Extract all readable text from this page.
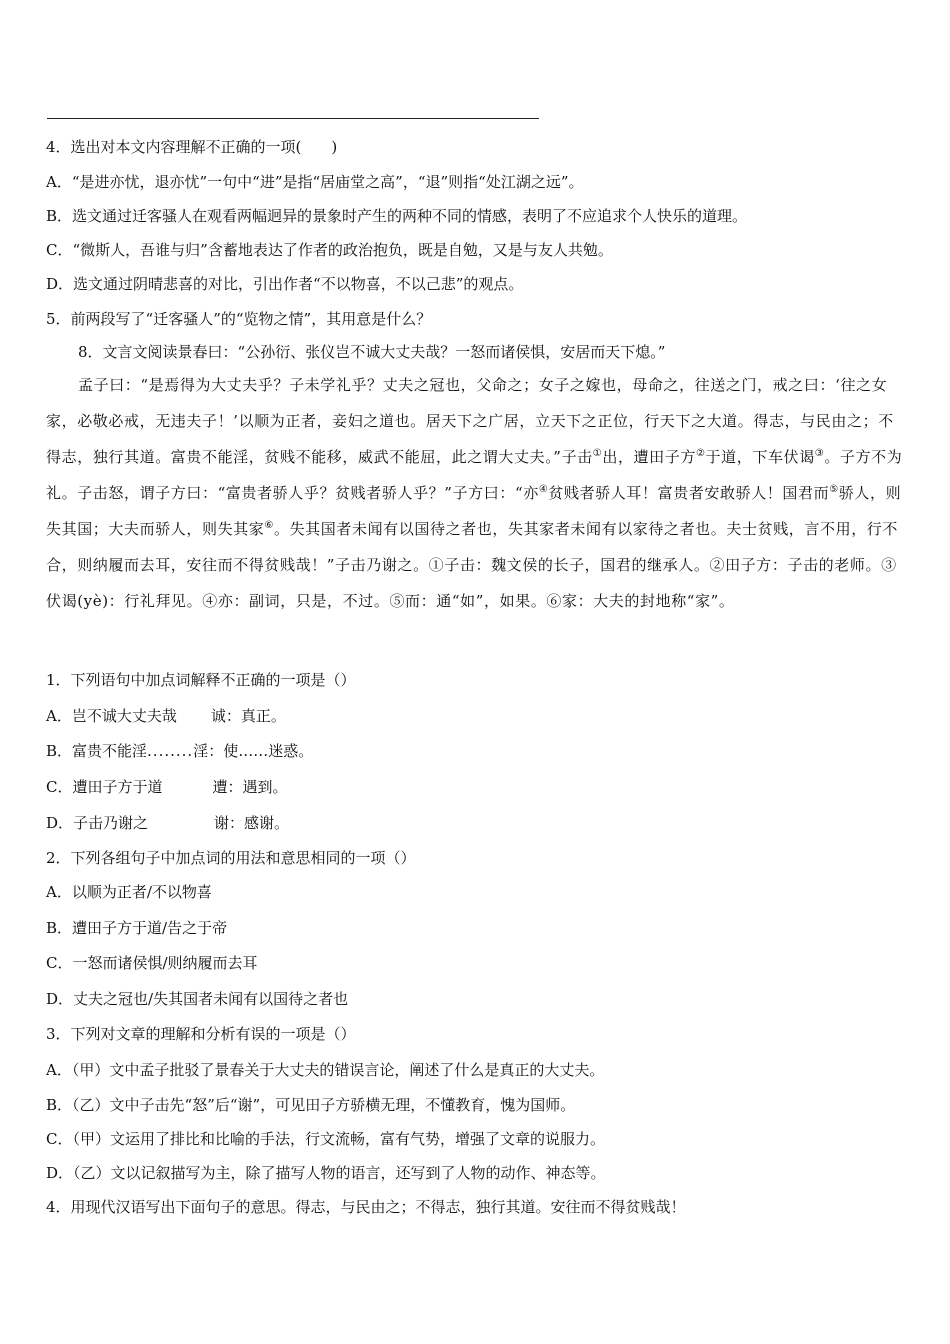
4．选出对本文内容理解不正确的一项(　　)
A．“是进亦忧，退亦忧”一句中“进”是指“居庙堂之高”，“退”则指“处江湖之远”。
B．选文通过迁客骚人在观看两幅迥异的景象时产生的两种不同的情感，表明了不应追求个人快乐的道理。
C．“微斯人，吾谁与归”含蓄地表达了作者的政治抱负，既是自勉，又是与友人共勉。
D．选文通过阴晴悲喜的对比，引出作者“不以物喜，不以己悲”的观点。
5．前两段写了“迁客骚人”的“览物之情”，其用意是什么？
8．文言文阅读景春曰：“公孙衍、张仪岂不诚大丈夫哉？一怒而诸侯惧，安居而天下熄。”
孟子曰：“是焉得为大丈夫乎？子未学礼乎？丈夫之冠也，父命之；女子之嫁也，母命之，往送之门，戒之曰：‘往之女家，必敬必戒，无违夫子！’以顺为正者，妾妇之道也。居天下之广居，立天下之正位，行天下之大道。得志，与民由之；不得志，独行其道。富贵不能淫，贫贱不能移，威武不能屈，此之谓大丈夫。”子击①出，遭田子方②于道，下车伏谒③。子方不为礼。子击怒，谓子方曰：“富贵者骄人乎？贫贱者骄人乎？”子方曰：“亦④贫贱者骄人耳！富贵者安敢骄人！国君而⑤骄人，则失其国；大夫而骄人，则失其家⑥。失其国者未闻有以国待之者也，失其家者未闻有以家待之者也。夫士贫贱，言不用，行不合，则纳履而去耳，安往而不得贫贱哉！”子击乃谢之。①子击：魏文侯的长子，国君的继承人。②田子方：子击的老师。③伏谒(yè)：行礼拜见。④亦：副词，只是，不过。⑤而：通“如”，如果。⑥家：大夫的封地称“家”。
1．下列语句中加点词解释不正确的一项是（）
A．岂不诚大丈夫哉 诚：真正。
B．富贵不能淫........淫：使……迷惑。
C．遭田子方于道	遭：遇到。
D．子击乃谢之	谢：感谢。
2．下列各组句子中加点词的用法和意思相同的一项（）
A．以顺为正者/不以物喜
B．遭田子方于道/告之于帝
C．一怒而诸侯惧/则纳履而去耳
D．丈夫之冠也/失其国者未闻有以国待之者也
3．下列对文章的理解和分析有误的一项是（）
A．（甲）文中孟子批驳了景春关于大丈夫的错误言论，阐述了什么是真正的大丈夫。
B．（乙）文中子击先“怒”后“谢”，可见田子方骄横无理，不懂教育，愧为国师。
C．（甲）文运用了排比和比喻的手法，行文流畅，富有气势，增强了文章的说服力。
D．（乙）文以记叙描写为主，除了描写人物的语言，还写到了人物的动作、神态等。
4．用现代汉语写出下面句子的意思。得志，与民由之；不得志，独行其道。安往而不得贫贱哉！
